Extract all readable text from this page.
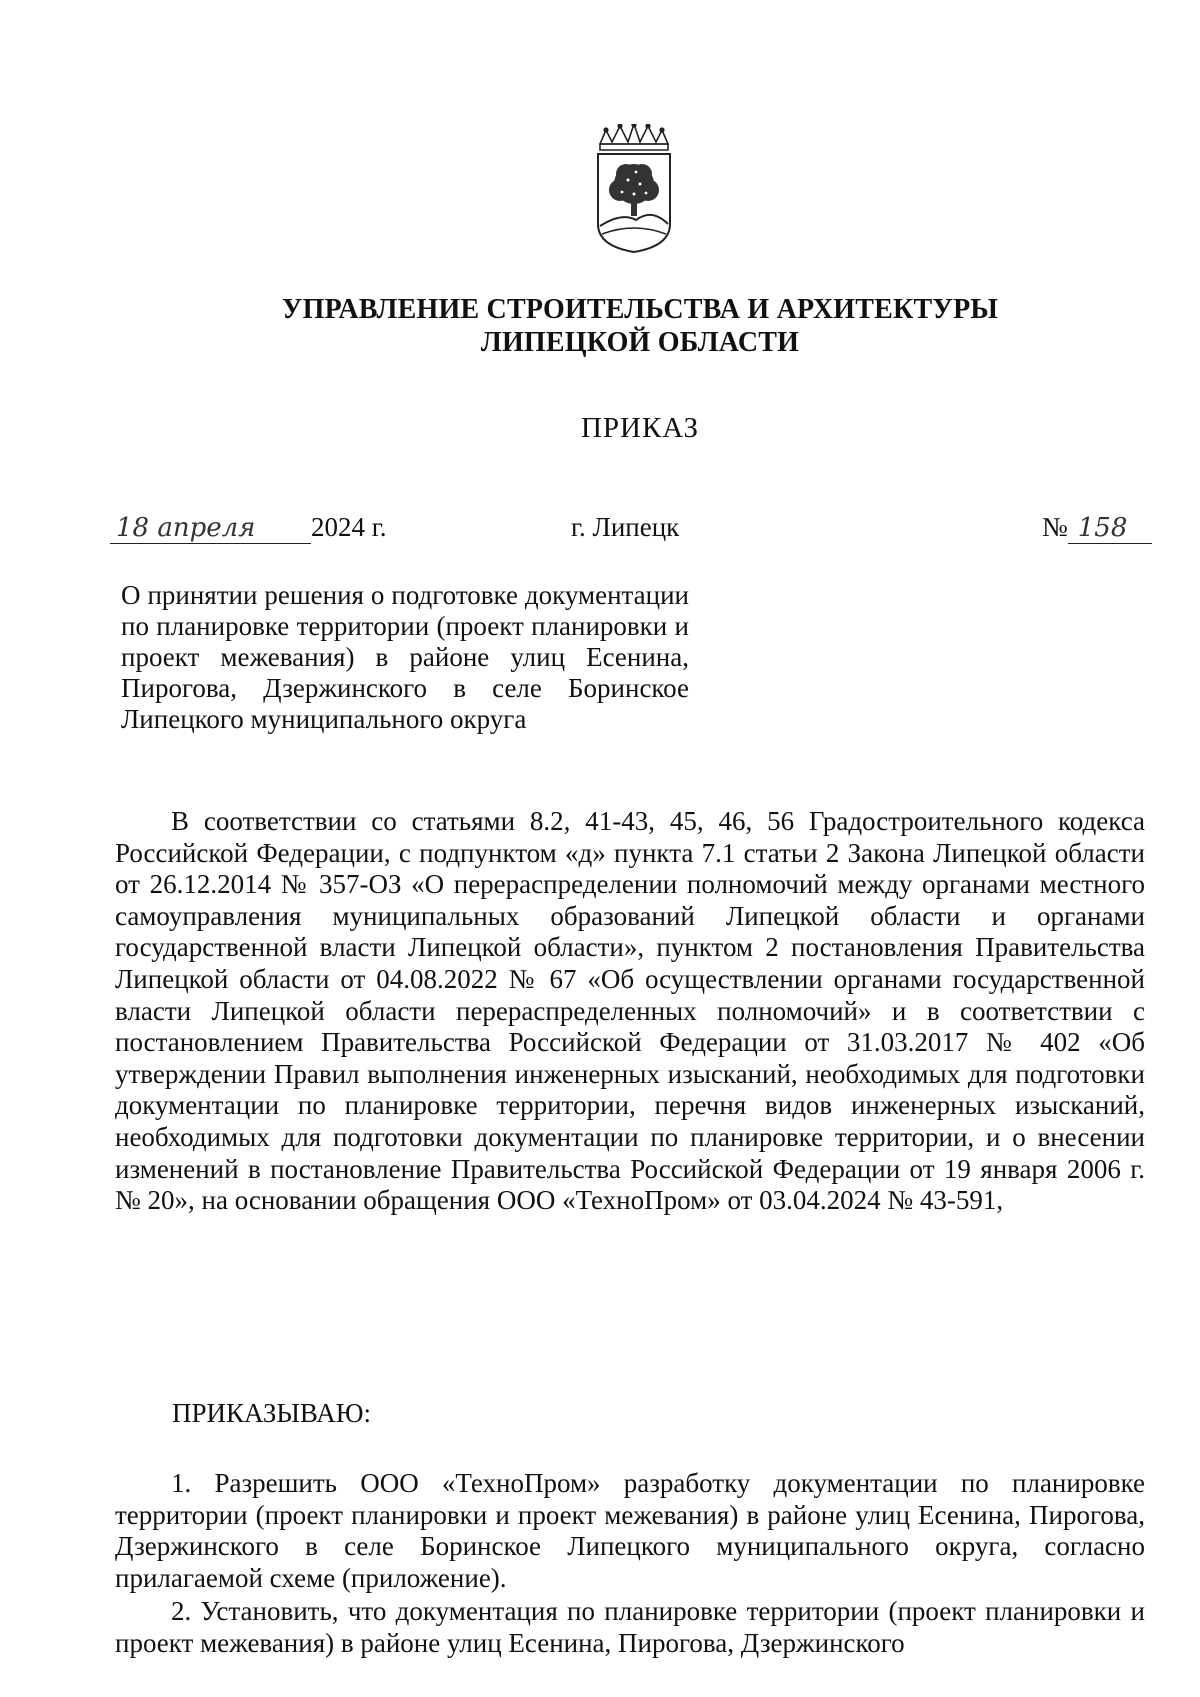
УПРАВЛЕНИЕ СТРОИТЕЛЬСТВА И АРХИТЕКТУРЫ
ЛИПЕЦКОЙ ОБЛАСТИ
ПРИКАЗ
18 апреля 2024 г.	г. Липецк	№ 158
О принятии решения о подготовке документации по планировке территории (проект планировки и проект межевания) в районе улиц Есенина, Пирогова, Дзержинского в селе Боринское Липецкого муниципального округа
В соответствии со статьями 8.2, 41-43, 45, 46, 56 Градостроительного кодекса Российской Федерации, с подпунктом «д» пункта 7.1 статьи 2 Закона Липецкой области от 26.12.2014 № 357-ОЗ «О перераспределении полномочий между органами местного самоуправления муниципальных образований Липецкой области и органами государственной власти Липецкой области», пунктом 2 постановления Правительства Липецкой области от 04.08.2022 № 67 «Об осуществлении органами государственной власти Липецкой области перераспределенных полномочий» и в соответствии с постановлением Правительства Российской Федерации от 31.03.2017 № 402 «Об утверждении Правил выполнения инженерных изысканий, необходимых для подготовки документации по планировке территории, перечня видов инженерных изысканий, необходимых для подготовки документации по планировке территории, и о внесении изменений в постановление Правительства Российской Федерации от 19 января 2006 г. № 20», на основании обращения ООО «ТехноПром» от 03.04.2024 № 43-591,
ПРИКАЗЫВАЮ:
1. Разрешить ООО «ТехноПром» разработку документации по планировке территории (проект планировки и проект межевания) в районе улиц Есенина, Пирогова, Дзержинского в селе Боринское Липецкого муниципального округа, согласно прилагаемой схеме (приложение).
2. Установить, что документация по планировке территории (проект планировки и проект межевания) в районе улиц Есенина, Пирогова, Дзержинского
